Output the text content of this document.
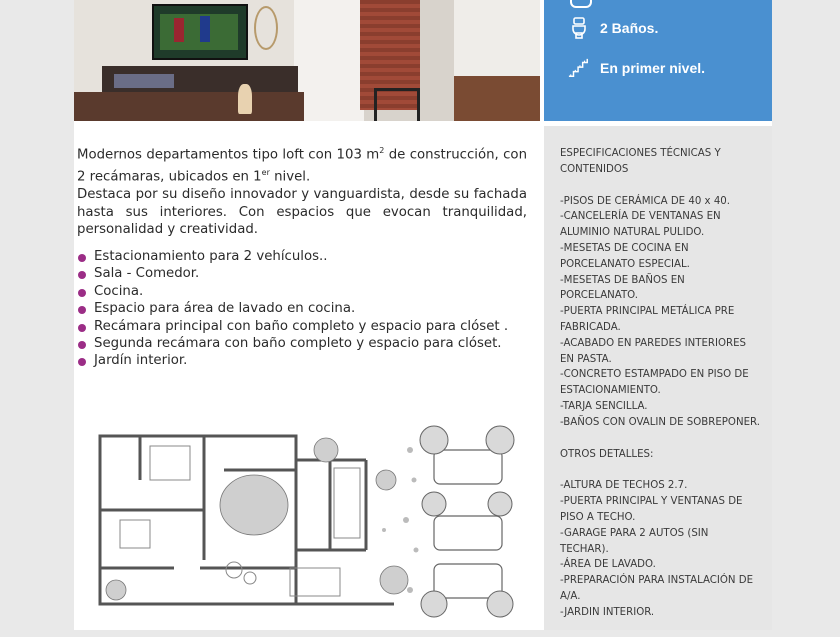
2 Baños.
En primer nivel.

Modernos departamentos tipo loft con 103 $m^2$ de construcción, con 2 recámaras, ubicados en 1er nivel.

Destaca por su diseño innovador y vanguardista, desde su fachada hasta sus interiores. Con espacios que evocan tranquilidad, personalidad y creatividad.

Estacionamiento para 2 vehículos..
Sala - Comedor.
Cocina.
Espacio para área de lavado en cocina.
Recámara principal con baño completo y espacio para clóset .
Segunda recámara con baño completo y espacio para clóset.
Jardín interior.

ESPECIFICACIONES TÉCNICAS Y CONTENIDOS

-PISOS DE CERÁMICA DE 40 x 40.
-CANCELERÍA DE VENTANAS EN ALUMINIO NATURAL PULIDO.
-MESETAS DE COCINA EN PORCELANATO ESPECIAL.
-MESETAS DE BAÑOS EN PORCELANATO.
-PUERTA PRINCIPAL METÁLICA PRE FABRICADA.
-ACABADO EN PAREDES INTERIORES EN PASTA.
-CONCRETO ESTAMPADO EN PISO DE ESTACIONAMIENTO.
-TARJA SENCILLA.
-BAÑOS CON OVALIN DE SOBREPONER.

OTROS DETALLES:

-ALTURA DE TECHOS 2.7.
-PUERTA PRINCIPAL Y VENTANAS DE PISO A TECHO.
-GARAGE PARA 2 AUTOS (SIN TECHAR).
-ÁREA DE LAVADO.
-PREPARACIÓN PARA INSTALACIÓN DE A/A.
-JARDIN INTERIOR.
